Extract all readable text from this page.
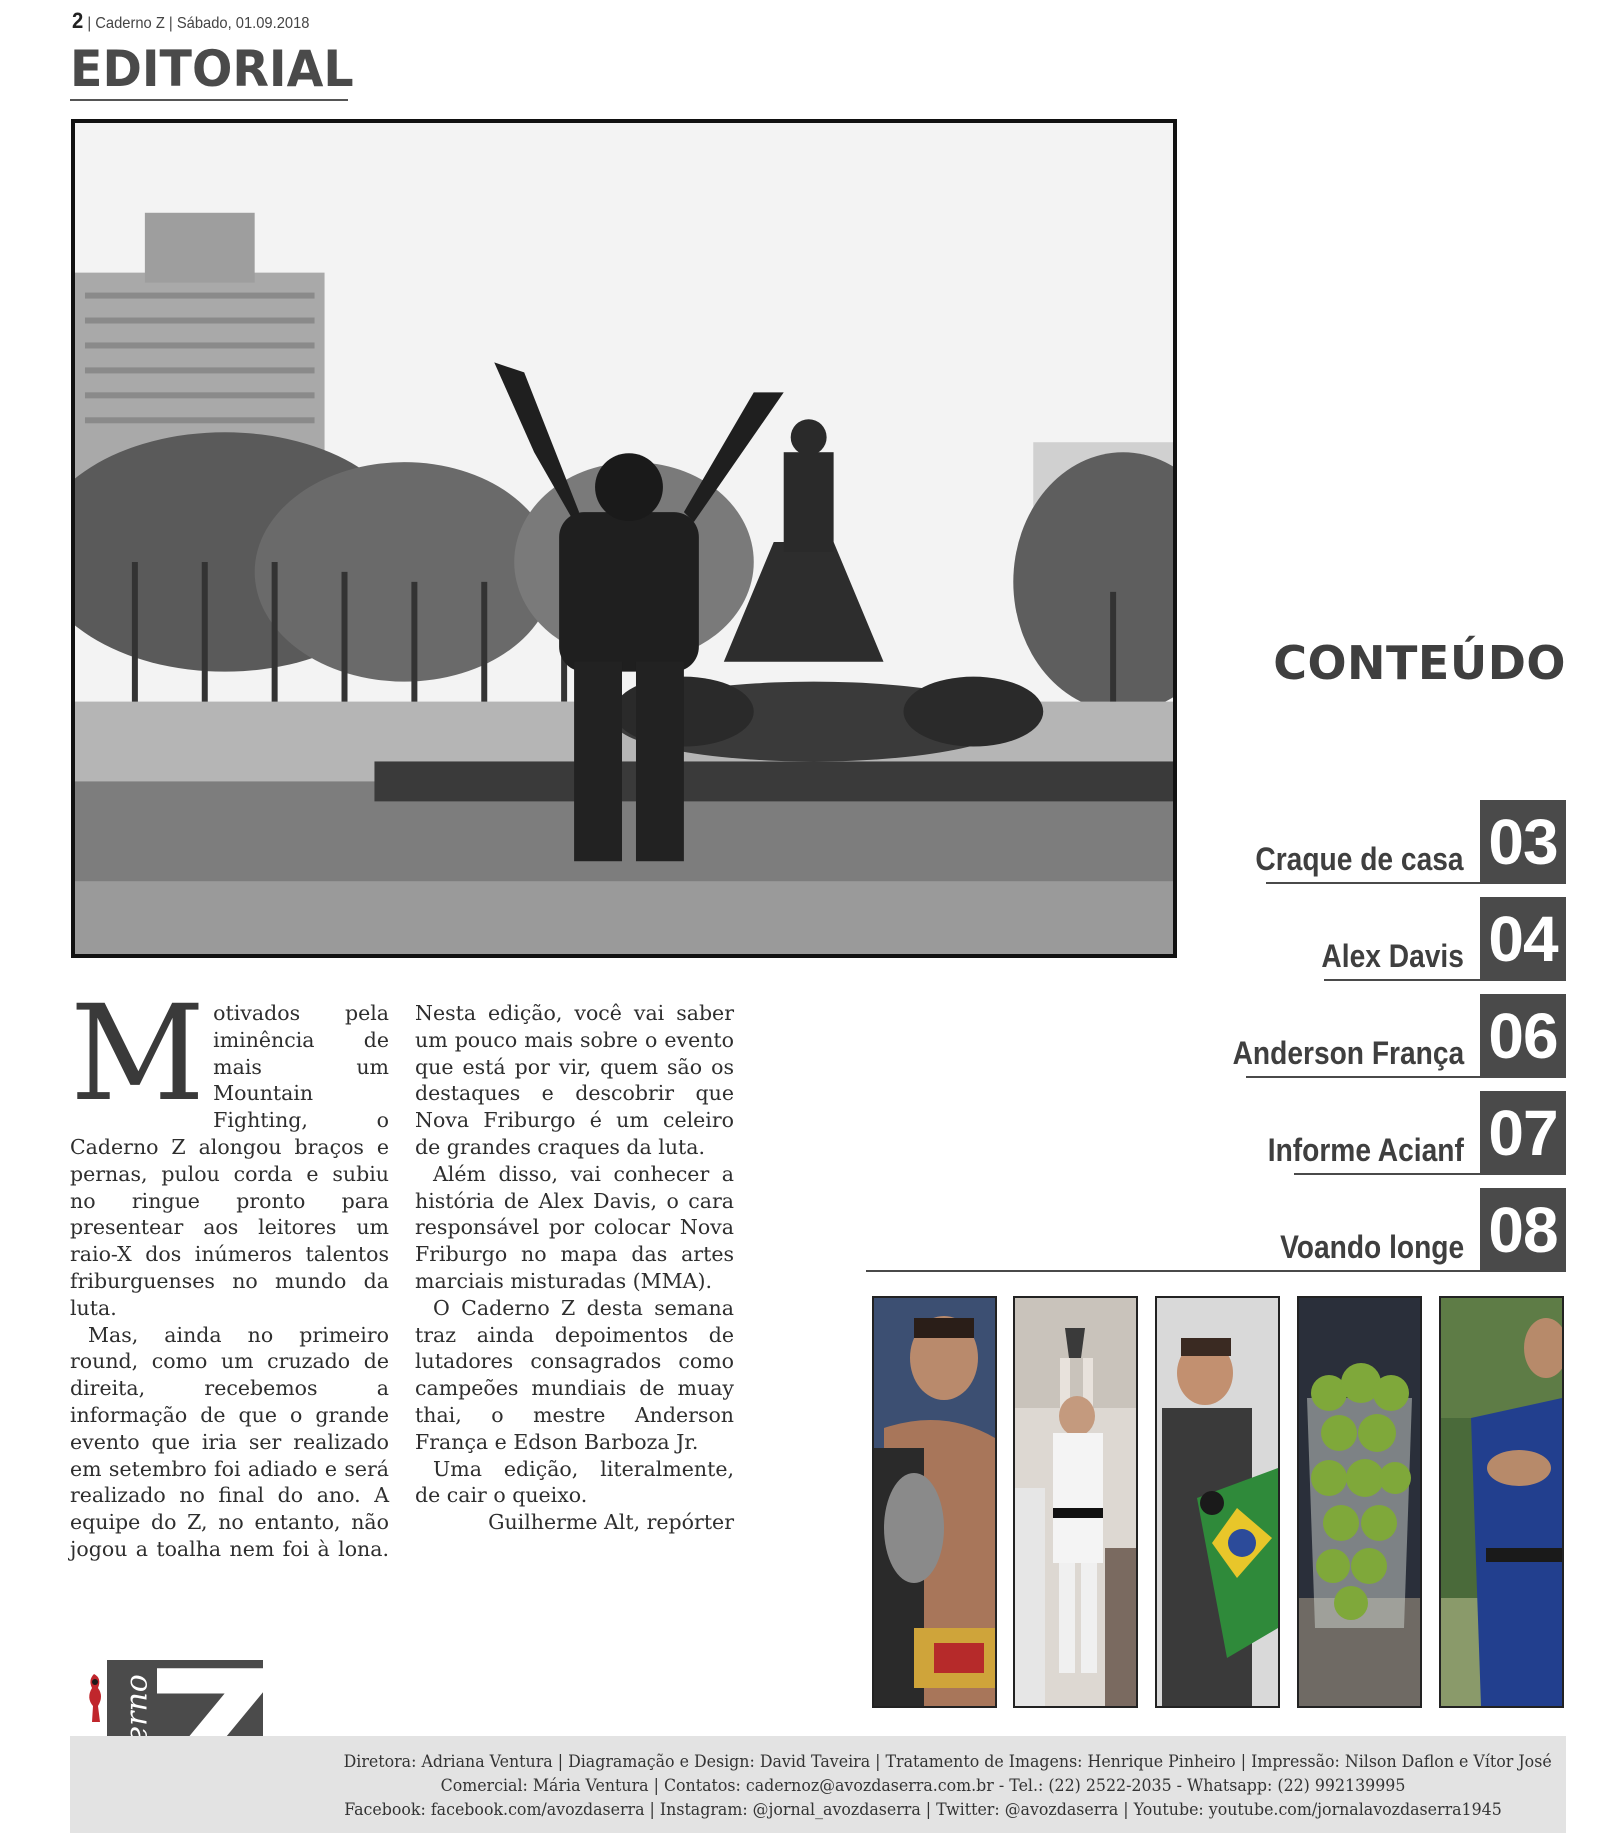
2 | Caderno Z | Sábado, 01.09.2018
EDITORIAL

Motivados pela iminência de mais um Mountain Fighting, o Caderno Z alongou braços e pernas, pulou corda e subiu no ringue pronto para presentear aos leitores um raio-X dos inúmeros talentos friburguenses no mundo da luta.

Mas, ainda no primeiro round, como um cruzado de direita, recebemos a informação de que o grande evento que iria ser realizado em setembro foi adiado e será realizado no final do ano. A equipe do Z, no entanto, não jogou a toalha nem foi à lona. Nesta edição, você vai saber um pouco mais sobre o evento que está por vir, quem são os destaques e descobrir que Nova Friburgo é um celeiro de grandes craques da luta.

Além disso, vai conhecer a história de Alex Davis, o cara responsável por colocar Nova Friburgo no mapa das artes marciais misturadas (MMA).

O Caderno Z desta semana traz ainda depoimentos de lutadores consagrados como campeões mundiais de muay thai, o mestre Anderson França e Edson Barboza Jr.

Uma edição, literalmente, de cair o queixo.

Guilherme Alt, repórter

CONTEÚDO
Craque de casa 03
Alex Davis 04
Anderson França 06
Informe Acianf 07
Voando longe 08
Diretora: Adriana Ventura | Diagramação e Design: David Taveira | Tratamento de Imagens: Henrique Pinheiro | Impressão: Nilson Daflon e Vítor José
Comercial: Mária Ventura | Contatos: cadernoz@avozdaserra.com.br - Tel.: (22) 2522-2035 - Whatsapp: (22) 992139995
Facebook: facebook.com/avozdaserra | Instagram: @jornal_avozdaserra | Twitter: @avozdaserra | Youtube: youtube.com/jornalavozdaserra1945
